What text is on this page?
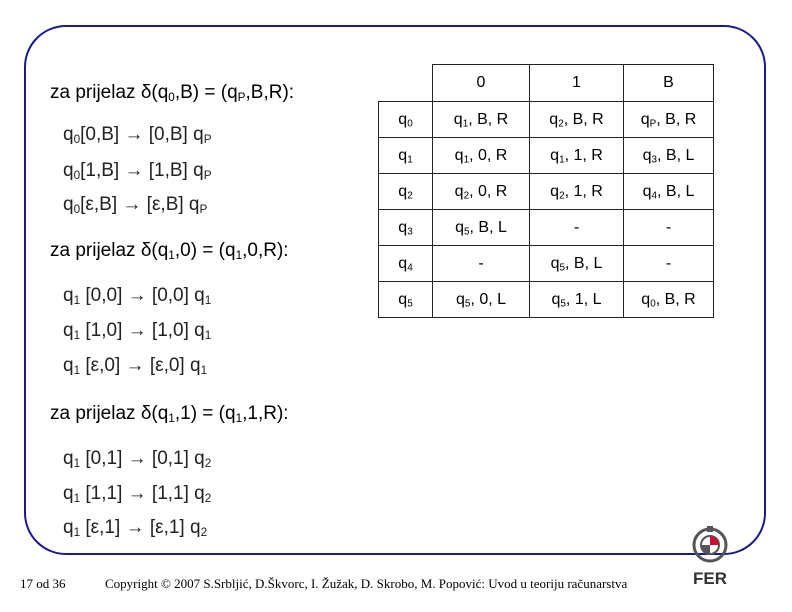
za prijelaz $\delta(q_0,B) = (q_P,B,R)$:
$q_0[0,B] \to [0,B]$ $q_P$
$q_0[1,B] \to [1,B]$ $q_P$
$q_0[\varepsilon,B] \to [\varepsilon,B]$ $q_P$
za prijelaz $\delta(q_1,0) = (q_1,0,R)$:
$q_1$ [0,0] → [0,0] $q_1$
$q_1$ [1,0] → [1,0] $q_1$
$q_1$ [ε,0] → [ε,0] $q_1$
za prijelaz $\delta(q_1,1) = (q_1,1,R)$:
$q_1$ [0,1] → [0,1] $q_2$
$q_1$ [1,1] → [1,1] $q_2$
$q_1$ [ε,1] → [ε,1] $q_2$
	0	1	B
$q_0$	$q_1$, B, R	$q_2$, B, R	$q_P$, B, R
$q_1$	$q_1$, 0, R	$q_1$, 1, R	$q_3$, B, L
$q_2$	$q_2$, 0, R	$q_2$, 1, R	$q_4$, B, L
$q_3$	$q_5$, B, L	-	-
$q_4$	-	$q_5$, B, L	-
$q_5$	$q_5$, 0, L	$q_5$, 1, L	$q_0$, B, R
17 od 36	Copyright © 2007 S.Srbljić, D.Škvorc, I. Žužak, D. Skrobo, M. Popović: Uvod u teoriju računarstva	FER
